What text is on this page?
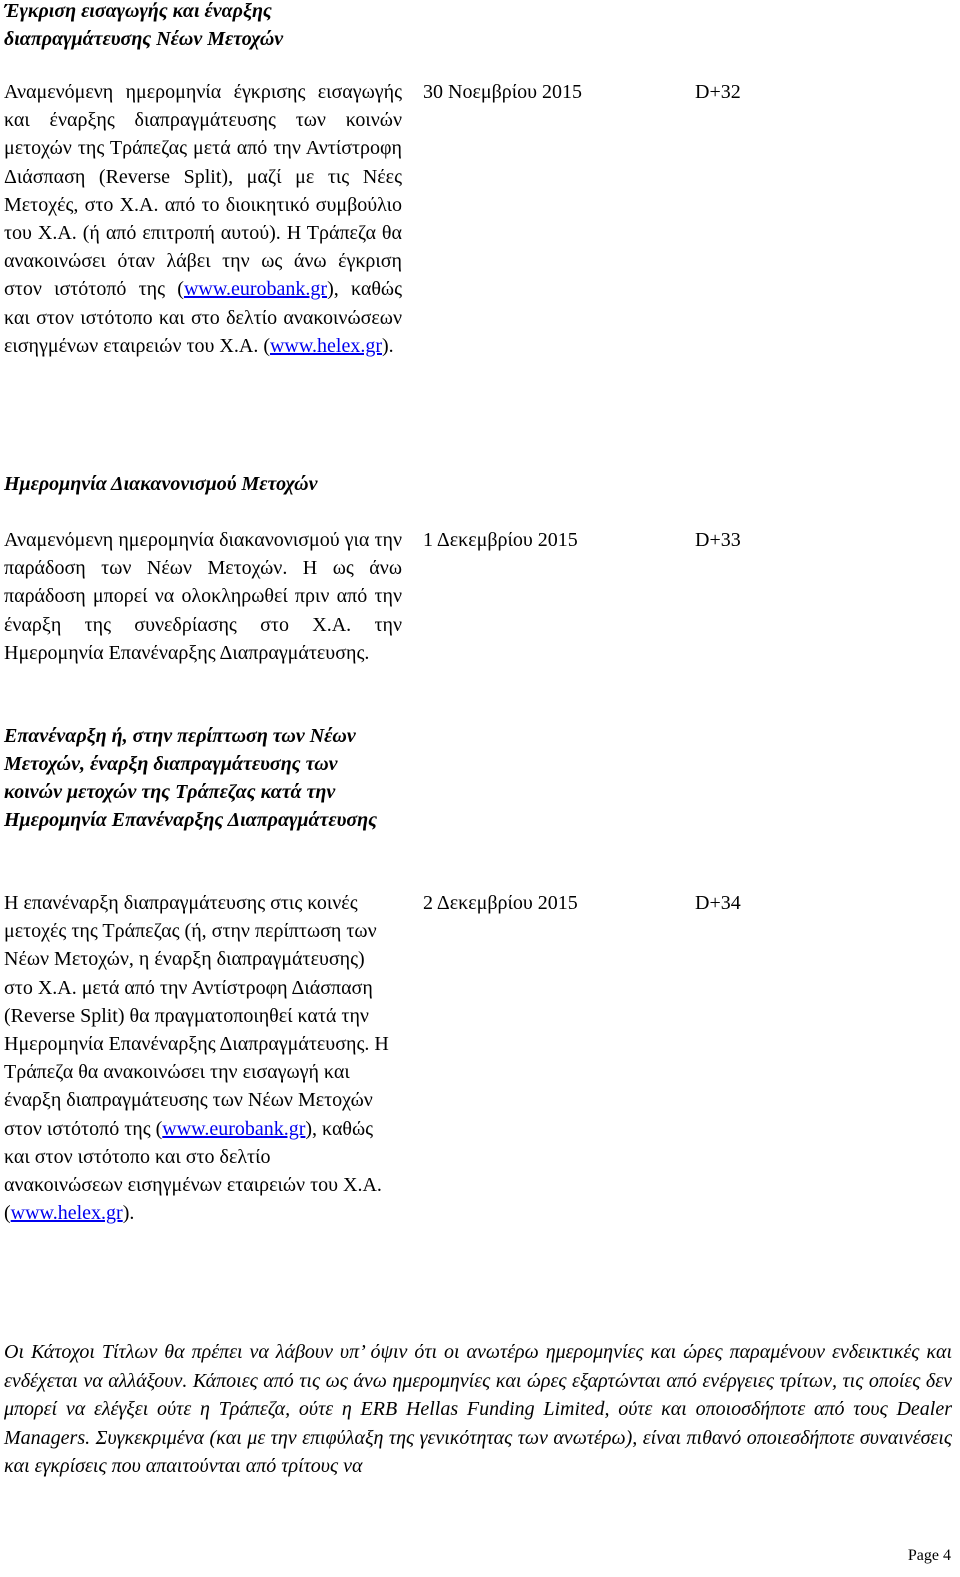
Έγκριση εισαγωγής και έναρξης διαπραγμάτευσης Νέων Μετοχών
Αναμενόμενη ημερομηνία έγκρισης εισαγωγής και έναρξης διαπραγμάτευσης των κοινών μετοχών της Τράπεζας μετά από την Αντίστροφη Διάσπαση (Reverse Split), μαζί με τις Νέες Μετοχές, στο Χ.Α. από το διοικητικό συμβούλιο του Χ.Α. (ή από επιτροπή αυτού). Η Τράπεζα θα ανακοινώσει όταν λάβει την ως άνω έγκριση στον ιστότοπό της (www.eurobank.gr), καθώς και στον ιστότοπο και στο δελτίο ανακοινώσεων εισηγμένων εταιρειών του Χ.Α. (www.helex.gr).
30 Νοεμβρίου 2015	D+32
Ημερομηνία Διακανονισμού Μετοχών
Αναμενόμενη ημερομηνία διακανονισμού για την παράδοση των Νέων Μετοχών. Η ως άνω παράδοση μπορεί να ολοκληρωθεί πριν από την έναρξη της συνεδρίασης στο Χ.Α. την Ημερομηνία Επανέναρξης Διαπραγμάτευσης.
1 Δεκεμβρίου 2015	D+33
Επανέναρξη ή, στην περίπτωση των Νέων Μετοχών, έναρξη διαπραγμάτευσης των κοινών μετοχών της Τράπεζας κατά την Ημερομηνία Επανέναρξης Διαπραγμάτευσης
Η επανέναρξη διαπραγμάτευσης στις κοινές μετοχές της Τράπεζας (ή, στην περίπτωση των Νέων Μετοχών, η έναρξη διαπραγμάτευσης) στο Χ.Α. μετά από την Αντίστροφη Διάσπαση (Reverse Split) θα πραγματοποιηθεί κατά την Ημερομηνία Επανέναρξης Διαπραγμάτευσης. Η Τράπεζα θα ανακοινώσει την εισαγωγή και έναρξη διαπραγμάτευσης των Νέων Μετοχών στον ιστότοπό της (www.eurobank.gr), καθώς και στον ιστότοπο και στο δελτίο ανακοινώσεων εισηγμένων εταιρειών του Χ.Α. (www.helex.gr).
2 Δεκεμβρίου 2015	D+34
Οι Κάτοχοι Τίτλων θα πρέπει να λάβουν υπ’ όψιν ότι οι ανωτέρω ημερομηνίες και ώρες παραμένουν ενδεικτικές και ενδέχεται να αλλάξουν. Κάποιες από τις ως άνω ημερομηνίες και ώρες εξαρτώνται από ενέργειες τρίτων, τις οποίες δεν μπορεί να ελέγξει ούτε η Τράπεζα, ούτε η ERB Hellas Funding Limited, ούτε και οποιοσδήποτε από τους Dealer Managers. Συγκεκριμένα (και με την επιφύλαξη της γενικότητας των ανωτέρω), είναι πιθανό οποιεσδήποτε συναινέσεις και εγκρίσεις που απαιτούνται από τρίτους να
Page 4
